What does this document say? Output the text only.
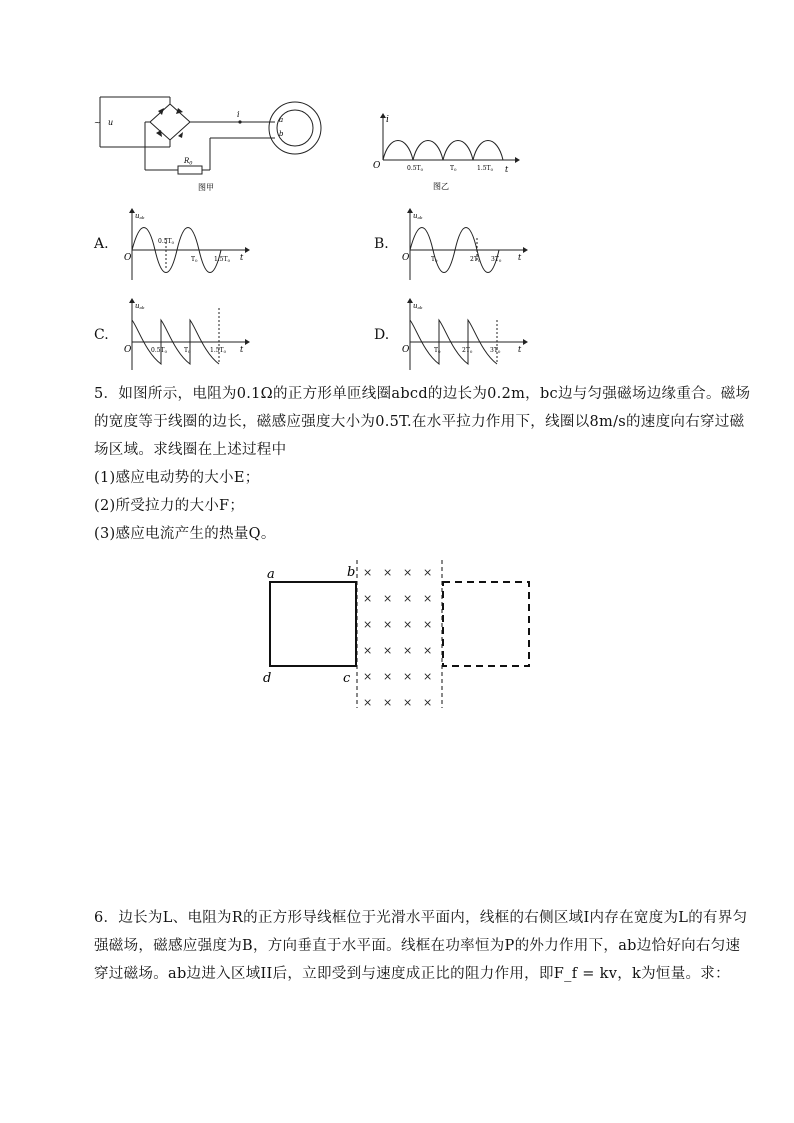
~ u
i
a
b
$R_0$
图甲
i
O	t
0.5T0	T0	1.5T0
图乙
A.
uab
O	t
0.5T0
T0	1.5T0
B.
uab
O	t
T0	2T0 3T0
C.
uab
O	t
0.5T0	T0	1.5T0
D.
uab
O	t
T0	2T0	3T0
5．如图所示，电阻为0.1Ω的正方形单匝线圈abcd的边长为0.2m，bc边与匀强磁场边缘重合。磁场
的宽度等于线圈的边长，磁感应强度大小为0.5T.在水平拉力作用下，线圈以8m/s的速度向右穿过磁
场区域。求线圈在上述过程中
(1)感应电动势的大小E；
(2)所受拉力的大小F；
(3)感应电流产生的热量Q。
a	b
c
d
× × × ×
× × × ×
× × × ×
× × × ×
× × × ×
× × × ×
6．边长为L、电阻为R的正方形导线框位于光滑水平面内，线框的右侧区域I内存在宽度为L的有界匀
强磁场，磁感应强度为B，方向垂直于水平面。线框在功率恒为P的外力作用下，ab边恰好向右匀速
穿过磁场。ab边进入区域II后，立即受到与速度成正比的阻力作用，即F_f = kv，k为恒量。求：
